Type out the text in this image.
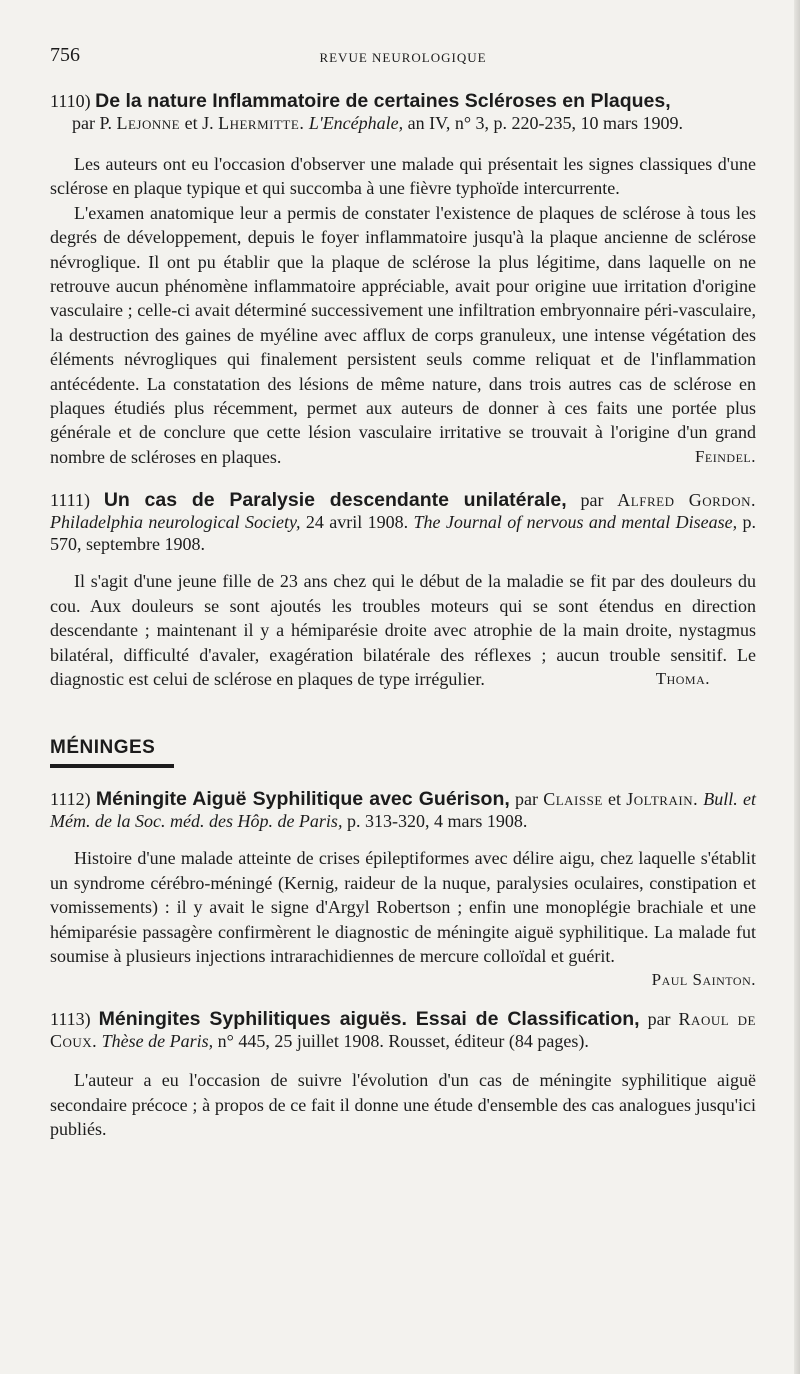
756	REVUE NEUROLOGIQUE

1110) De la nature Inflammatoire de certaines Scléroses en Plaques,
par P. Lejonne et J. Lhermitte. L'Encéphale, an IV, n° 3, p. 220-235, 10 mars 1909.

Les auteurs ont eu l'occasion d'observer une malade qui présentait les signes classiques d'une sclérose en plaque typique et qui succomba à une fièvre typhoïde intercurrente.

L'examen anatomique leur a permis de constater l'existence de plaques de sclérose à tous les degrés de développement, depuis le foyer inflammatoire jusqu'à la plaque ancienne de sclérose névroglique. Il ont pu établir que la plaque de sclérose la plus légitime, dans laquelle on ne retrouve aucun phénomène inflammatoire appréciable, avait pour origine uue irritation d'origine vasculaire ; celle-ci avait déterminé successivement une infiltration embryonnaire péri-vasculaire, la destruction des gaines de myéline avec afflux de corps granuleux, une intense végétation des éléments névrogliques qui finalement persistent seuls comme reliquat et de l'inflammation antécédente. La constatation des lésions de même nature, dans trois autres cas de sclérose en plaques étudiés plus récemment, permet aux auteurs de donner à ces faits une portée plus générale et de conclure que cette lésion vasculaire irritative se trouvait à l'origine d'un grand nombre de scléroses en plaques.	Feindel.

1111) Un cas de Paralysie descendante unilatérale, par Alfred Gordon. Philadelphia neurological Society, 24 avril 1908. The Journal of nervous and mental Disease, p. 570, septembre 1908.

Il s'agit d'une jeune fille de 23 ans chez qui le début de la maladie se fit par des douleurs du cou. Aux douleurs se sont ajoutés les troubles moteurs qui se sont étendus en direction descendante ; maintenant il y a hémiparésie droite avec atrophie de la main droite, nystagmus bilatéral, difficulté d'avaler, exagération bilatérale des réflexes ; aucun trouble sensitif. Le diagnostic est celui de sclérose en plaques de type irrégulier.	Thoma.

MÉNINGES

1112) Méningite Aiguë Syphilitique avec Guérison, par Claisse et Joltrain. Bull. et Mém. de la Soc. méd. des Hôp. de Paris, p. 313-320, 4 mars 1908.

Histoire d'une malade atteinte de crises épileptiformes avec délire aigu, chez laquelle s'établit un syndrome cérébro-méningé (Kernig, raideur de la nuque, paralysies oculaires, constipation et vomissements) : il y avait le signe d'Argyl Robertson ; enfin une monoplégie brachiale et une hémiparésie passagère confirmèrent le diagnostic de méningite aiguë syphilitique. La malade fut soumise à plusieurs injections intrarachidiennes de mercure colloïdal et guérit.

Paul Sainton.

1113) Méningites Syphilitiques aiguës. Essai de Classification, par Raoul de Coux. Thèse de Paris, n° 445, 25 juillet 1908. Rousset, éditeur (84 pages).

L'auteur a eu l'occasion de suivre l'évolution d'un cas de méningite syphilitique aiguë secondaire précoce ; à propos de ce fait il donne une étude d'ensemble des cas analogues jusqu'ici publiés.
